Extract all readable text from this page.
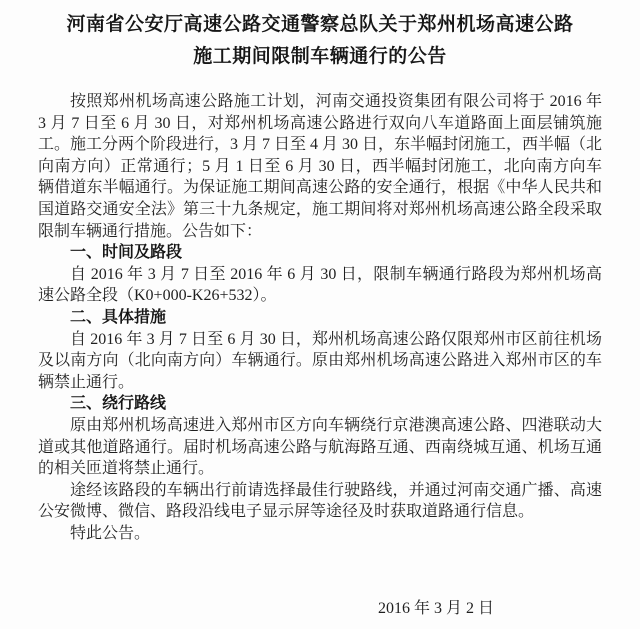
河南省公安厅高速公路交通警察总队关于郑州机场高速公路
施工期间限制车辆通行的公告
按照郑州机场高速公路施工计划，河南交通投资集团有限公司将于 2016 年
3 月 7 日至 6 月 30 日，对郑州机场高速公路进行双向八车道路面上面层铺筑施
工。施工分两个阶段进行，3 月 7 日至 4 月 30 日，东半幅封闭施工，西半幅（北
向南方向）正常通行；5 月 1 日至 6 月 30 日，西半幅封闭施工，北向南方向车
辆借道东半幅通行。为保证施工期间高速公路的安全通行，根据《中华人民共和
国道路交通安全法》第三十九条规定，施工期间将对郑州机场高速公路全段采取
限制车辆通行措施。公告如下：
一、时间及路段
自 2016 年 3 月 7 日至 2016 年 6 月 30 日，限制车辆通行路段为郑州机场高
速公路全段（K0+000-K26+532）。
二、具体措施
自 2016 年 3 月 7 日至 6 月 30 日，郑州机场高速公路仅限郑州市区前往机场
及以南方向（北向南方向）车辆通行。原由郑州机场高速公路进入郑州市区的车
辆禁止通行。
三、绕行路线
原由郑州机场高速进入郑州市区方向车辆绕行京港澳高速公路、四港联动大
道或其他道路通行。届时机场高速公路与航海路互通、西南绕城互通、机场互通
的相关匝道将禁止通行。
途经该路段的车辆出行前请选择最佳行驶路线，并通过河南交通广播、高速
公安微博、微信、路段沿线电子显示屏等途径及时获取道路通行信息。
特此公告。
2016 年 3 月 2 日
